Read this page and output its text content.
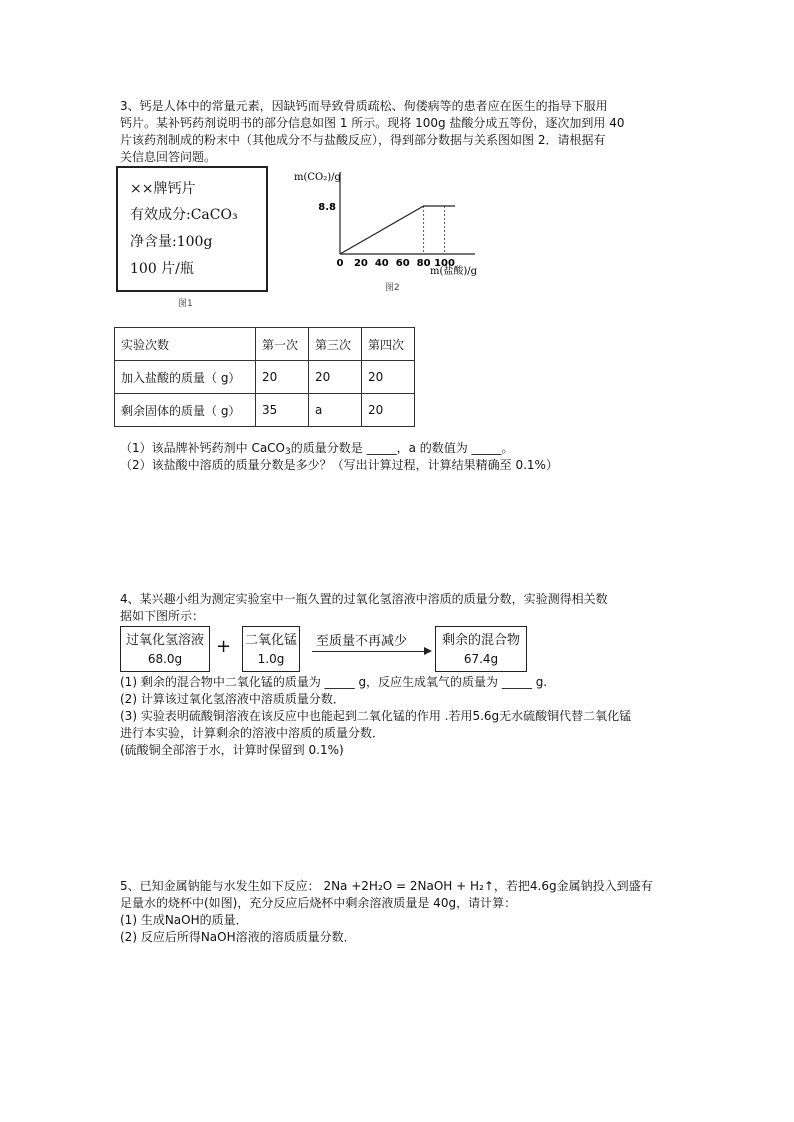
3、钙是人体中的常量元素，因缺钙而导致骨质疏松、佝偻病等的患者应在医生的指导下服用
钙片。某补钙药剂说明书的部分信息如图 1 所示。现将 100g 盐酸分成五等份，逐次加到用 40
片该药剂制成的粉末中（其他成分不与盐酸反应），得到部分数据与关系图如图 2．请根据有
关信息回答问题。
××牌钙片
有效成分:CaCO₃
净含量:100g
100 片/瓶
图1
m(CO₂)/g
m(盐酸)/g
0 20 40 60 80 100
8.8
图2
实验次数	第一次	第三次	第四次
加入盐酸的质量（ g）	20	20	20
剩余固体的质量（ g）	35	a	20
（1）该品牌补钙药剂中 CaCO$_3$的质量分数是 _____，a 的数值为 _____。
（2）该盐酸中溶质的质量分数是多少？（写出计算过程，计算结果精确至 0.1%）
4、某兴趣小组为测定实验室中一瓶久置的过氧化氢溶液中溶质的质量分数，实验测得相关数
据如下图所示：
过氧化氢溶液
68.0g
+ 二氧化锰
1.0g
至质量不再减少	剩余的混合物
67.4g
(1) 剩余的混合物中二氧化锰的质量为 _____ g，反应生成氧气的质量为 _____ g.
(2) 计算该过氧化氢溶液中溶质质量分数．
(3) 实验表明硫酸铜溶液在该反应中也能起到二氧化锰的作用 .若用5.6g无水硫酸铜代替二氧化锰
进行本实验，计算剩余的溶液中溶质的质量分数．
(硫酸铜全部溶于水，计算时保留到 0.1%)
5、已知金属钠能与水发生如下反应： 2Na +2H₂O = 2NaOH + H₂↑，若把4.6g金属钠投入到盛有
足量水的烧杯中(如图)，充分反应后烧杯中剩余溶液质量是 40g，请计算：
(1) 生成NaOH的质量．
(2) 反应后所得NaOH溶液的溶质质量分数．
